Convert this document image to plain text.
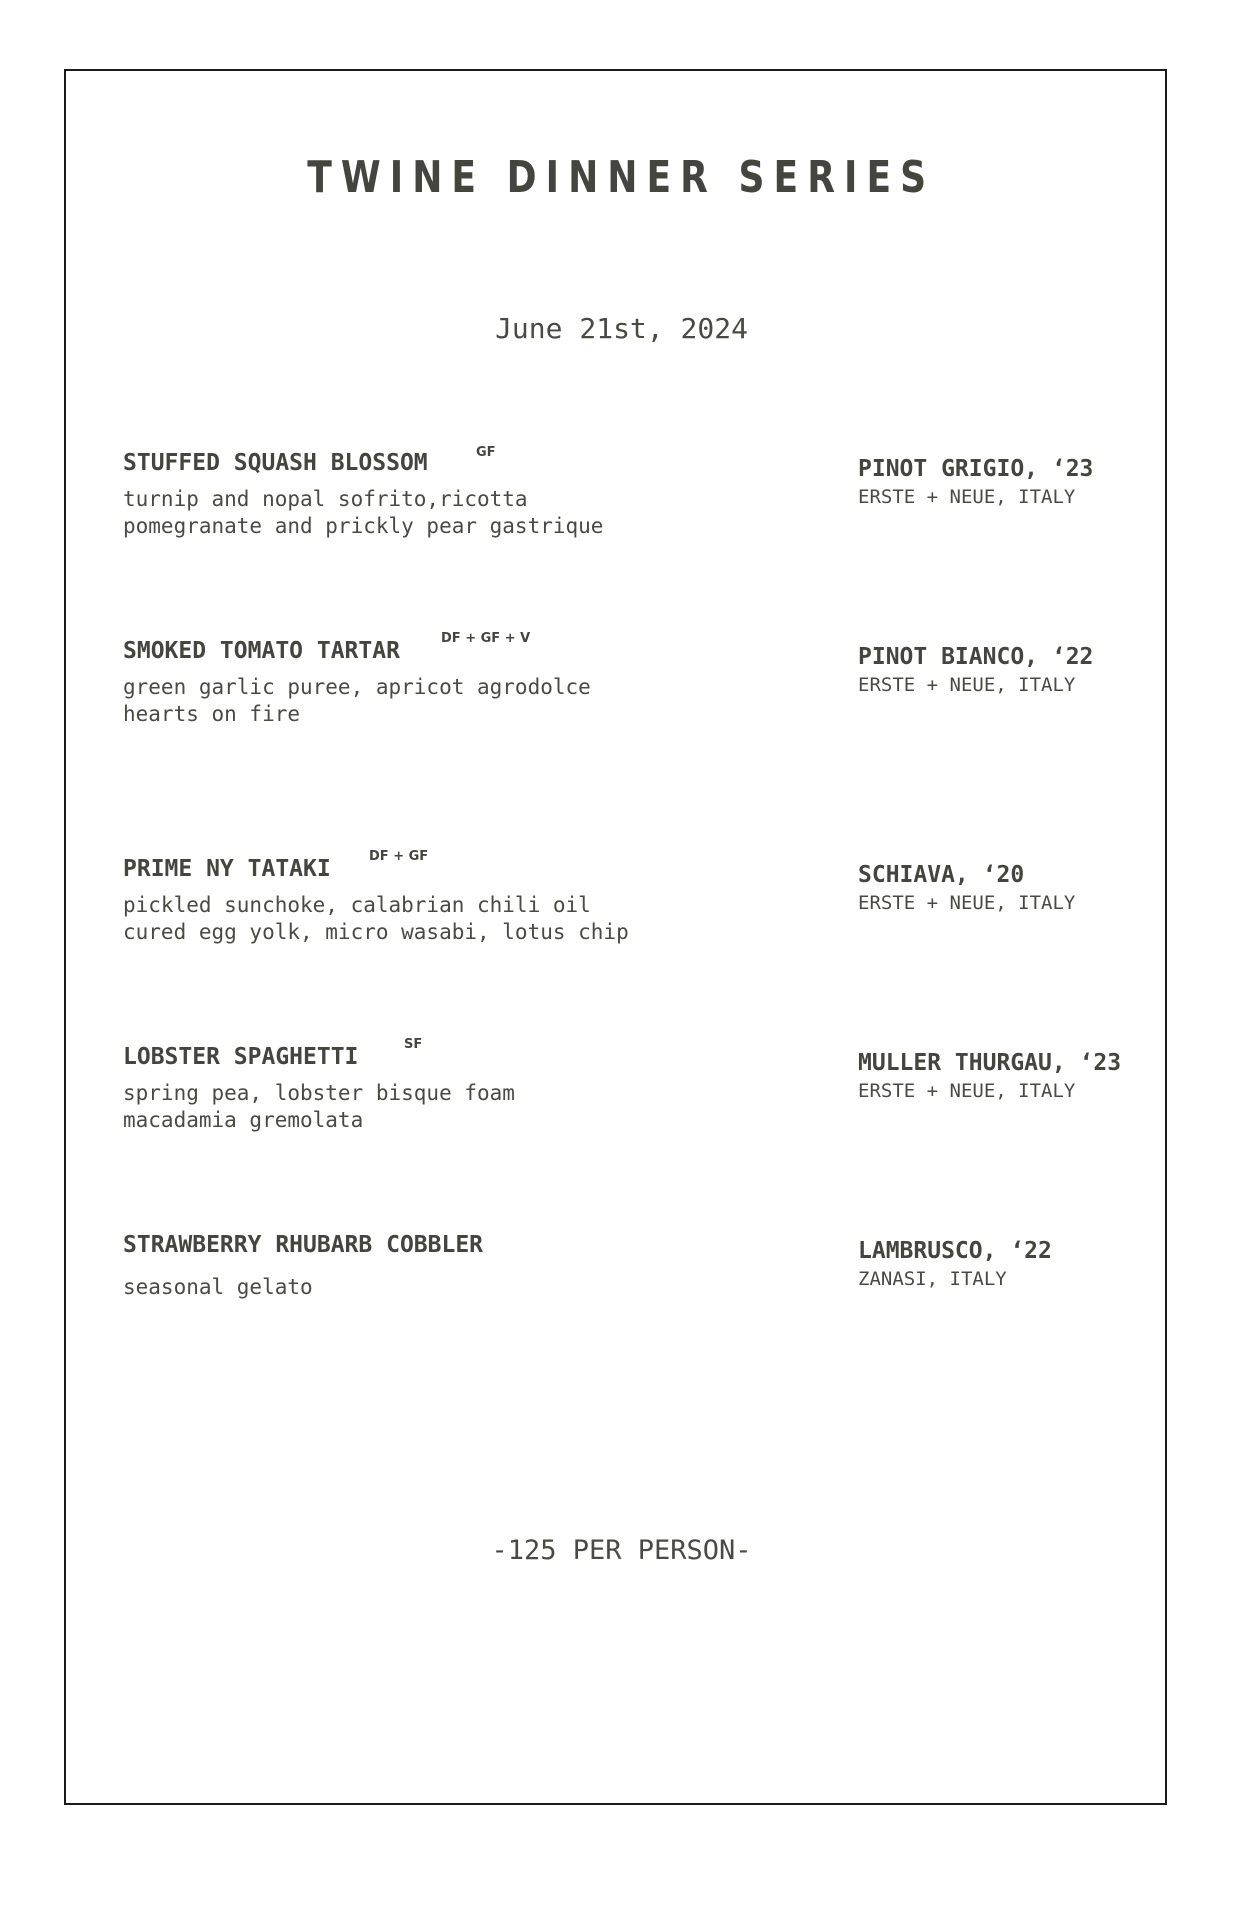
TWINE DINNER SERIES
June 21st, 2024
STUFFED SQUASH BLOSSOM
turnip and nopal sofrito,ricotta
pomegranate and prickly pear gastrique
PINOT GRIGIO, ‘23
ERSTE + NEUE, ITALY
SMOKED TOMATO TARTAR
green garlic puree, apricot agrodolce
hearts on fire
PINOT BIANCO, ‘22
ERSTE + NEUE, ITALY
PRIME NY TATAKI
pickled sunchoke, calabrian chili oil
cured egg yolk, micro wasabi, lotus chip
SCHIAVA, ‘20
ERSTE + NEUE, ITALY
LOBSTER SPAGHETTI
spring pea, lobster bisque foam
macadamia gremolata
MULLER THURGAU, ‘23
ERSTE + NEUE, ITALY
STRAWBERRY RHUBARB COBBLER
seasonal gelato
LAMBRUSCO, ‘22
ZANASI, ITALY
GF
DF + GF + V
DF + GF
SF
-125 PER PERSON-
